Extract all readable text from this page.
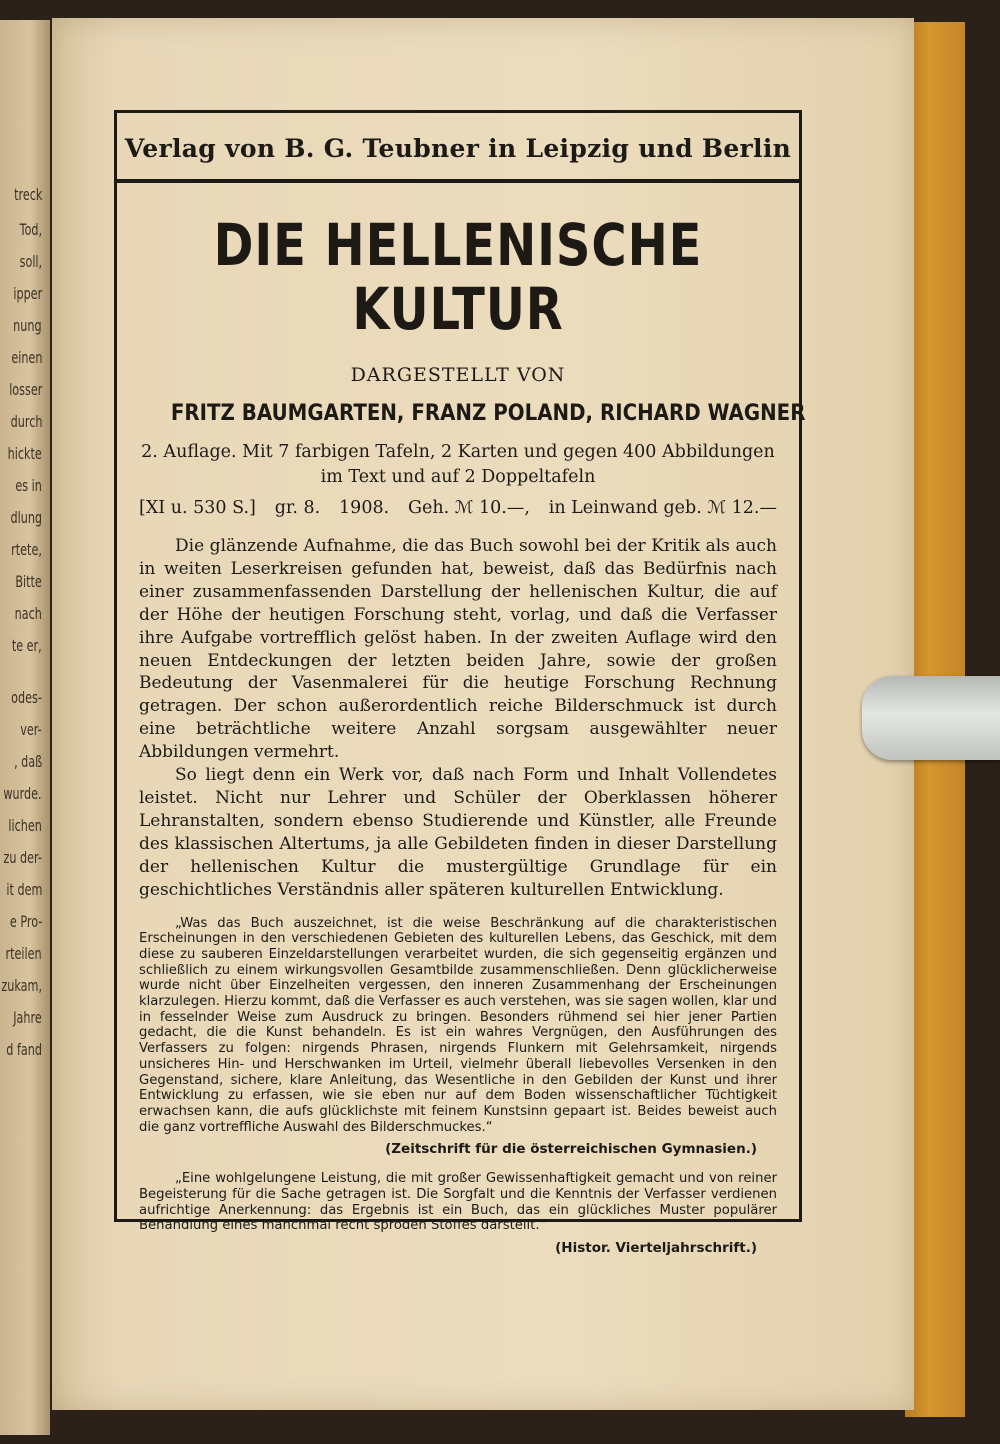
treck
Tod,
soll,
ipper
nung
einen
losser
durch
hickte
es in
dlung
rtete,
Bitte
nach
te er,
odes-
ver-
, daß
wurde.
lichen
zu der-
it dem
e Pro-
rteilen
zukam,
Jahre
d fand
Verlag von B. G. Teubner in Leipzig und Berlin
DIE HELLENISCHE KULTUR
DARGESTELLT VON
FRITZ BAUMGARTEN, FRANZ POLAND, RICHARD WAGNER
2. Auflage. Mit 7 farbigen Tafeln, 2 Karten und gegen 400 Abbildungen
im Text und auf 2 Doppeltafeln
[XI u. 530 S.] gr. 8. 1908. Geh. ℳ 10.—, in Leinwand geb. ℳ 12.—

Die glänzende Aufnahme, die das Buch sowohl bei der Kritik als auch in weiten Leserkreisen gefunden hat, beweist, daß das Bedürfnis nach einer zusammenfassenden Darstellung der hellenischen Kultur, die auf der Höhe der heutigen Forschung steht, vorlag, und daß die Verfasser ihre Aufgabe vortrefflich gelöst haben. In der zweiten Auflage wird den neuen Entdeckungen der letzten beiden Jahre, sowie der großen Bedeutung der Vasenmalerei für die heutige Forschung Rechnung getragen. Der schon außerordentlich reiche Bilderschmuck ist durch eine beträchtliche weitere Anzahl sorgsam ausgewählter neuer Abbildungen vermehrt.

So liegt denn ein Werk vor, daß nach Form und Inhalt Vollendetes leistet. Nicht nur Lehrer und Schüler der Oberklassen höherer Lehranstalten, sondern ebenso Studierende und Künstler, alle Freunde des klassischen Altertums, ja alle Gebildeten finden in dieser Darstellung der hellenischen Kultur die mustergültige Grundlage für ein geschichtliches Verständnis aller späteren kulturellen Entwicklung.

„Was das Buch auszeichnet, ist die weise Beschränkung auf die charakteristischen Erscheinungen in den verschiedenen Gebieten des kulturellen Lebens, das Geschick, mit dem diese zu sauberen Einzeldarstellungen verarbeitet wurden, die sich gegenseitig ergänzen und schließlich zu einem wirkungsvollen Gesamtbilde zusammenschließen. Denn glücklicherweise wurde nicht über Einzelheiten vergessen, den inneren Zusammenhang der Erscheinungen klarzulegen. Hierzu kommt, daß die Verfasser es auch verstehen, was sie sagen wollen, klar und in fesselnder Weise zum Ausdruck zu bringen. Besonders rühmend sei hier jener Partien gedacht, die die Kunst behandeln. Es ist ein wahres Vergnügen, den Ausführungen des Verfassers zu folgen: nirgends Phrasen, nirgends Flunkern mit Gelehrsamkeit, nirgends unsicheres Hin- und Herschwanken im Urteil, vielmehr überall liebevolles Versenken in den Gegenstand, sichere, klare Anleitung, das Wesentliche in den Gebilden der Kunst und ihrer Entwicklung zu erfassen, wie sie eben nur auf dem Boden wissenschaftlicher Tüchtigkeit erwachsen kann, die aufs glücklichste mit feinem Kunstsinn gepaart ist. Beides beweist auch die ganz vortreffliche Auswahl des Bilderschmuckes.“

(Zeitschrift für die österreichischen Gymnasien.)

„Eine wohlgelungene Leistung, die mit großer Gewissenhaftigkeit gemacht und von reiner Begeisterung für die Sache getragen ist. Die Sorgfalt und die Kenntnis der Verfasser verdienen aufrichtige Anerkennung: das Ergebnis ist ein Buch, das ein glückliches Muster populärer Behandlung eines manchmal recht spröden Stoffes darstellt.“

(Histor. Vierteljahrschrift.)
